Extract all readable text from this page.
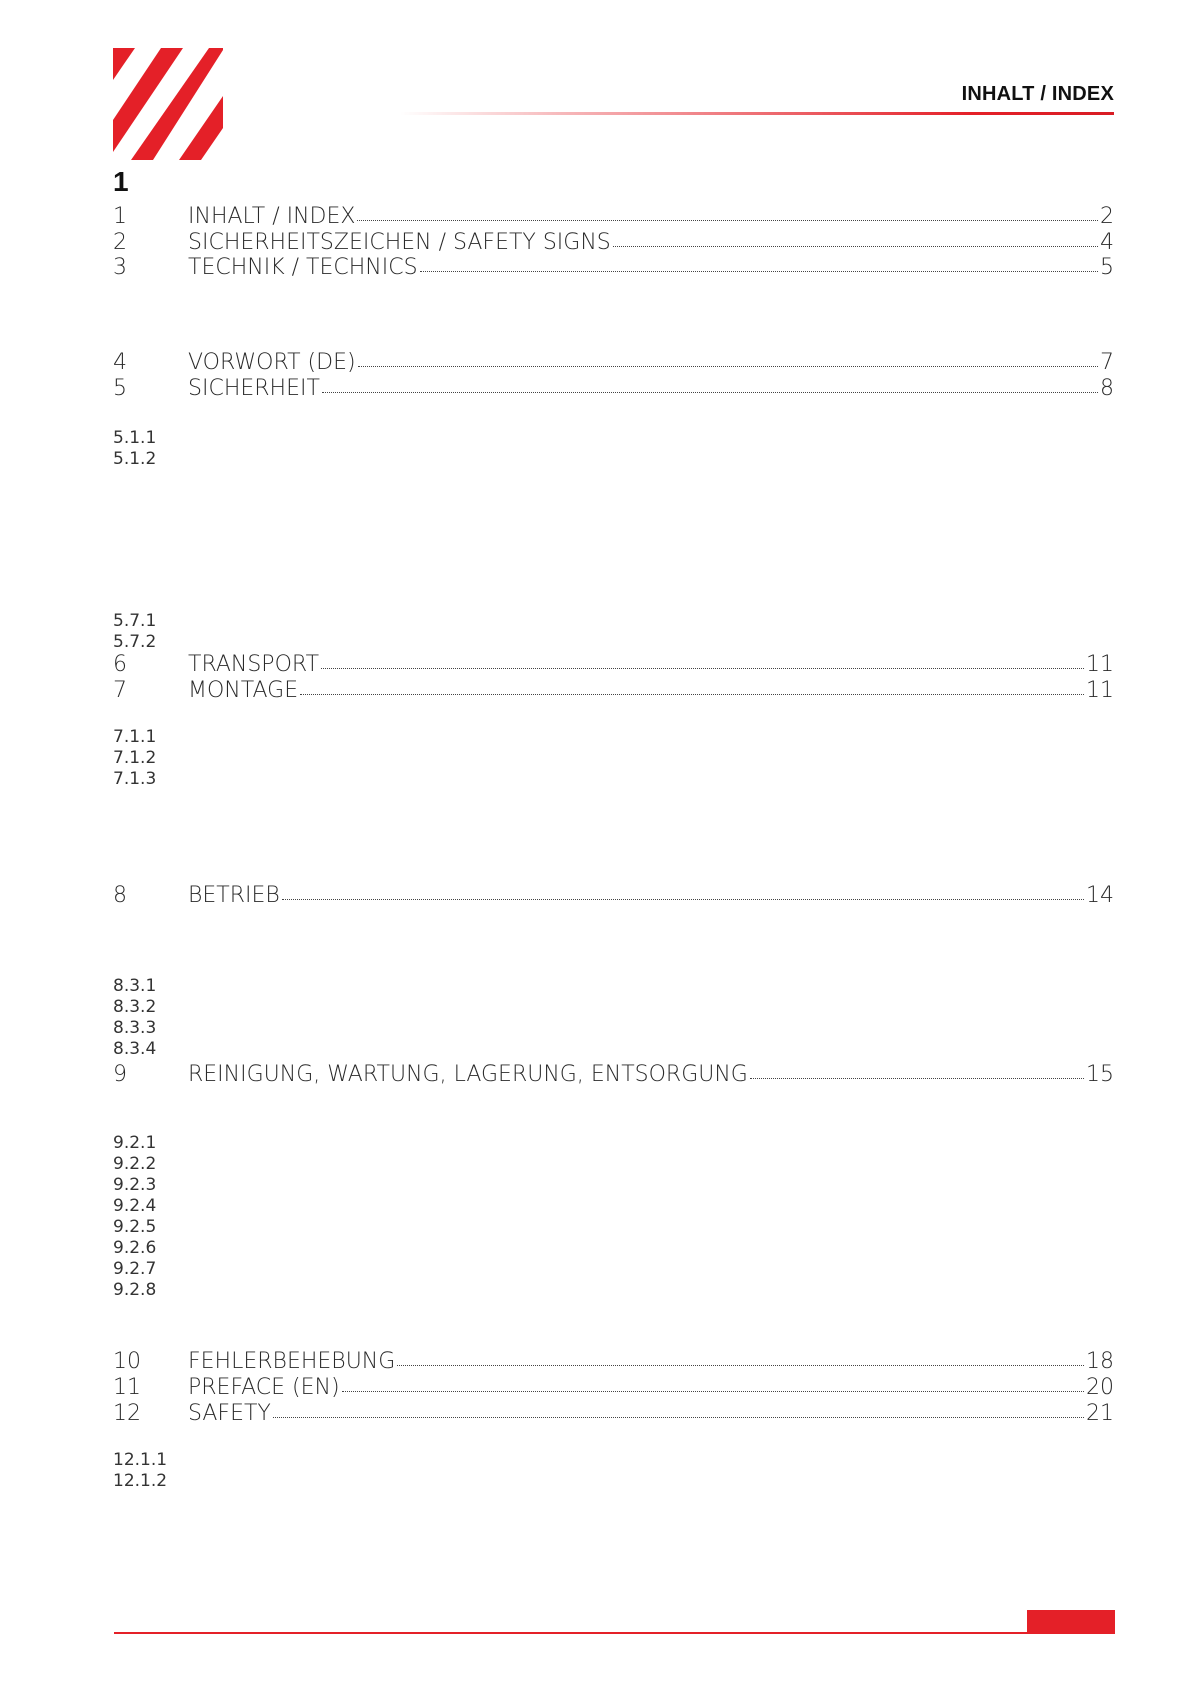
INHALT / INDEX
1
1	INHALT / INDEX	2
2	SICHERHEITSZEICHEN / SAFETY SIGNS	4
3	TECHNIK / TECHNICS	5
4	VORWORT (DE)	7
5	SICHERHEIT	8
6	TRANSPORT	11
7	MONTAGE	11
8	BETRIEB	14
9	REINIGUNG, WARTUNG, LAGERUNG, ENTSORGUNG	15
10	FEHLERBEHEBUNG	18
11	PREFACE (EN)	20
12	SAFETY	21
5.1.1
5.1.2
5.7.1
5.7.2
7.1.1
7.1.2
7.1.3
8.3.1
8.3.2
8.3.3
8.3.4
9.2.1
9.2.2
9.2.3
9.2.4
9.2.5
9.2.6
9.2.7
9.2.8
12.1.1
12.1.2
